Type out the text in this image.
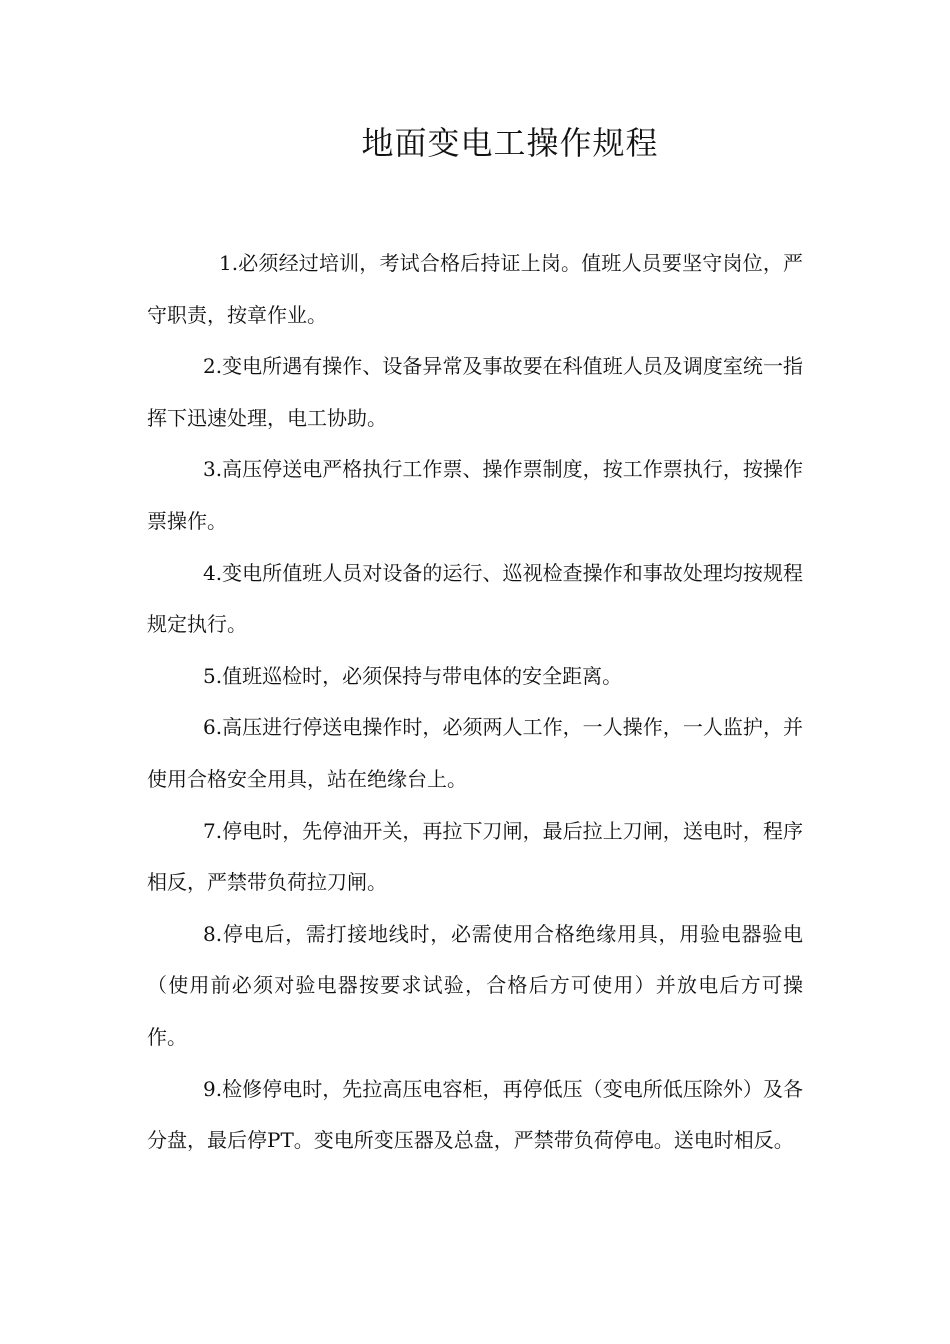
地面变电工操作规程

1.必须经过培训，考试合格后持证上岗。值班人员要坚守岗位，严守职责，按章作业。

2.变电所遇有操作、设备异常及事故要在科值班人员及调度室统一指挥下迅速处理，电工协助。

3.高压停送电严格执行工作票、操作票制度，按工作票执行，按操作票操作。

4.变电所值班人员对设备的运行、巡视检查操作和事故处理均按规程规定执行。

5.值班巡检时，必须保持与带电体的安全距离。

6.高压进行停送电操作时，必须两人工作，一人操作，一人监护，并使用合格安全用具，站在绝缘台上。

7.停电时，先停油开关，再拉下刀闸，最后拉上刀闸，送电时，程序相反，严禁带负荷拉刀闸。

8.停电后，需打接地线时，必需使用合格绝缘用具，用验电器验电（使用前必须对验电器按要求试验，合格后方可使用）并放电后方可操作。

9.检修停电时，先拉高压电容柜，再停低压（变电所低压除外）及各分盘，最后停PT。变电所变压器及总盘，严禁带负荷停电。送电时相反。
